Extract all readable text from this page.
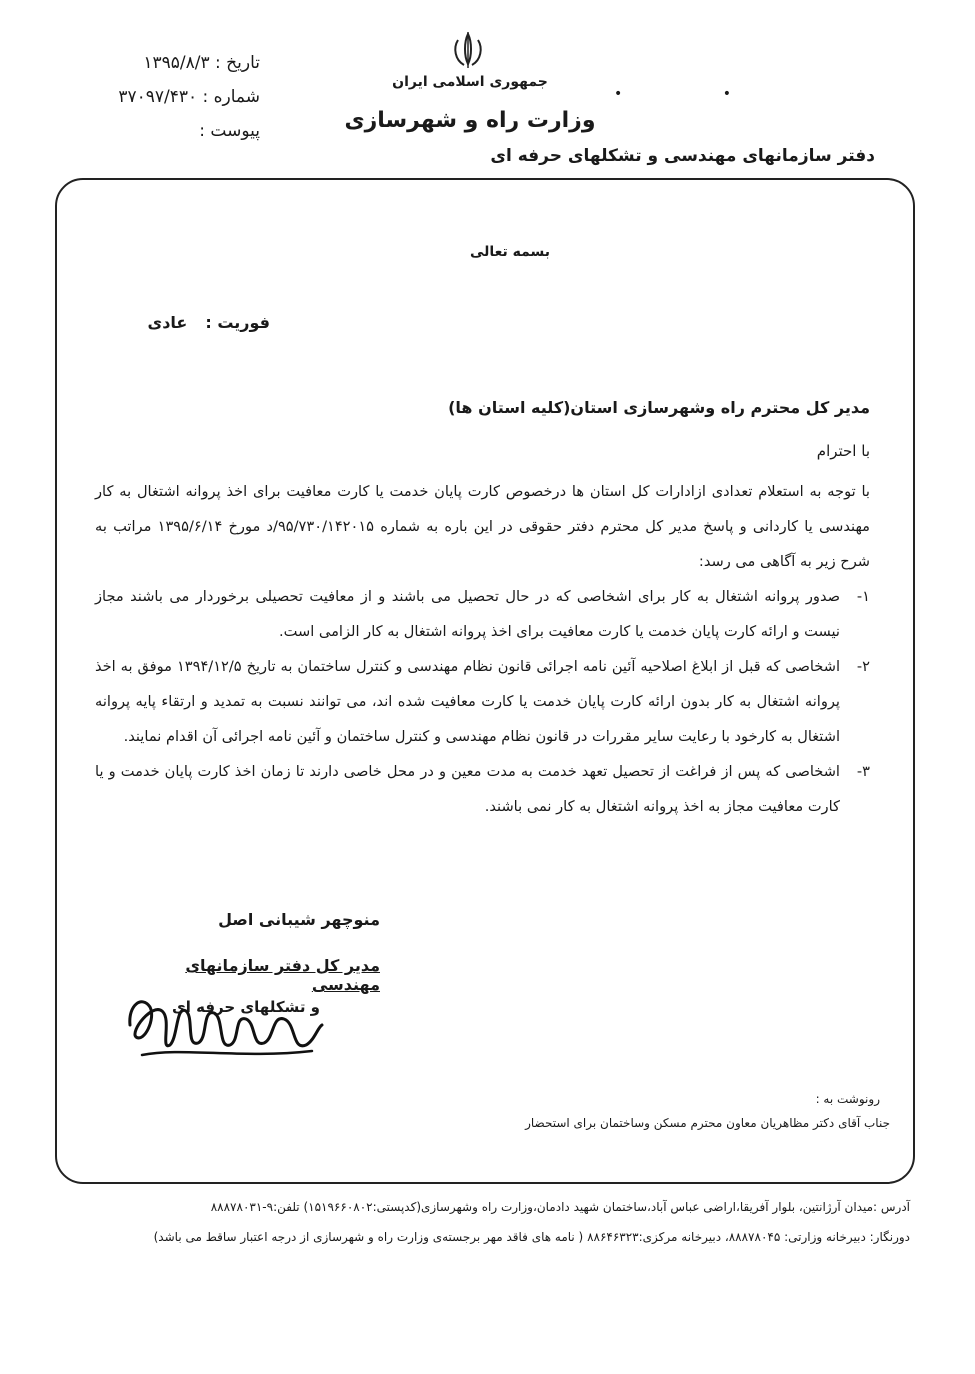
تاریخ : ۱۳۹۵/۸/۳
شماره : ۳۷۰۹۷/۴۳۰
پیوست :
جمهوری اسلامی ایران
وزارت راه و شهرسازی
• •
دفتر سازمانهای مهندسی و تشکلهای حرفه ای
بسمه تعالی
فوریت :
عادی
مدیر کل محترم راه وشهرسازی استان(کلیه استان ها)
با احترام

با توجه به استعلام تعدادی ازادارات کل استان ها درخصوص کارت پایان خدمت یا کارت معافیت برای اخذ پروانه اشتغال به کار مهندسی یا کاردانی و پاسخ مدیر کل محترم دفتر حقوقی در این باره به شماره ۹۵/۷۳۰/۱۴۲۰۱۵/د مورخ ۱۳۹۵/۶/۱۴ مراتب به شرح زیر به آگاهی می رسد:

۱-
صدور پروانه اشتغال به کار برای اشخاصی که در حال تحصیل می باشند و از معافیت تحصیلی برخوردار می باشند مجاز نیست و ارائه کارت پایان خدمت یا کارت معافیت برای اخذ پروانه اشتغال به کار الزامی است.
۲-
اشخاصی که قبل از ابلاغ اصلاحیه آئین نامه اجرائی قانون نظام مهندسی و کنترل ساختمان به تاریخ ۱۳۹۴/۱۲/۵ موفق به اخذ پروانه اشتغال به کار بدون ارائه کارت پایان خدمت یا کارت معافیت شده اند، می توانند نسبت به تمدید و ارتقاء پایه پروانه اشتغال به کارخود با رعایت سایر مقررات در قانون نظام مهندسی و کنترل ساختمان و آئین نامه اجرائی آن اقدام نمایند.
۳-
اشخاصی که پس از فراغت از تحصیل تعهد خدمت به مدت معین و در محل خاصی دارند تا زمان اخذ کارت پایان خدمت و یا کارت معافیت مجاز به اخذ پروانه اشتغال به کار نمی باشند.
منوچهر شیبانی اصل
مدیر کل دفتر سازمانهای مهندسی
و تشکلهای حرفه ای
رونوشت به :
جناب آقای دکتر مظاهریان معاون محترم مسکن وساختمان برای استحضار
آدرس :میدان آرژانتین، بلوار آفریقا،اراضی عباس آباد،ساختمان شهید دادمان،وزارت راه وشهرسازی(کدپستی:۱۵۱۹۶۶۰۸۰۲) تلفن:۹-۸۸۸۷۸۰۳۱
دورنگار: دبیرخانه وزارتی: ۸۸۸۷۸۰۴۵، دبیرخانه مرکزی:۸۸۶۴۶۳۲۳ ( نامه های فاقد مهر برجسته‌ی وزارت راه و شهرسازی از درجه اعتبار ساقط می باشد)
